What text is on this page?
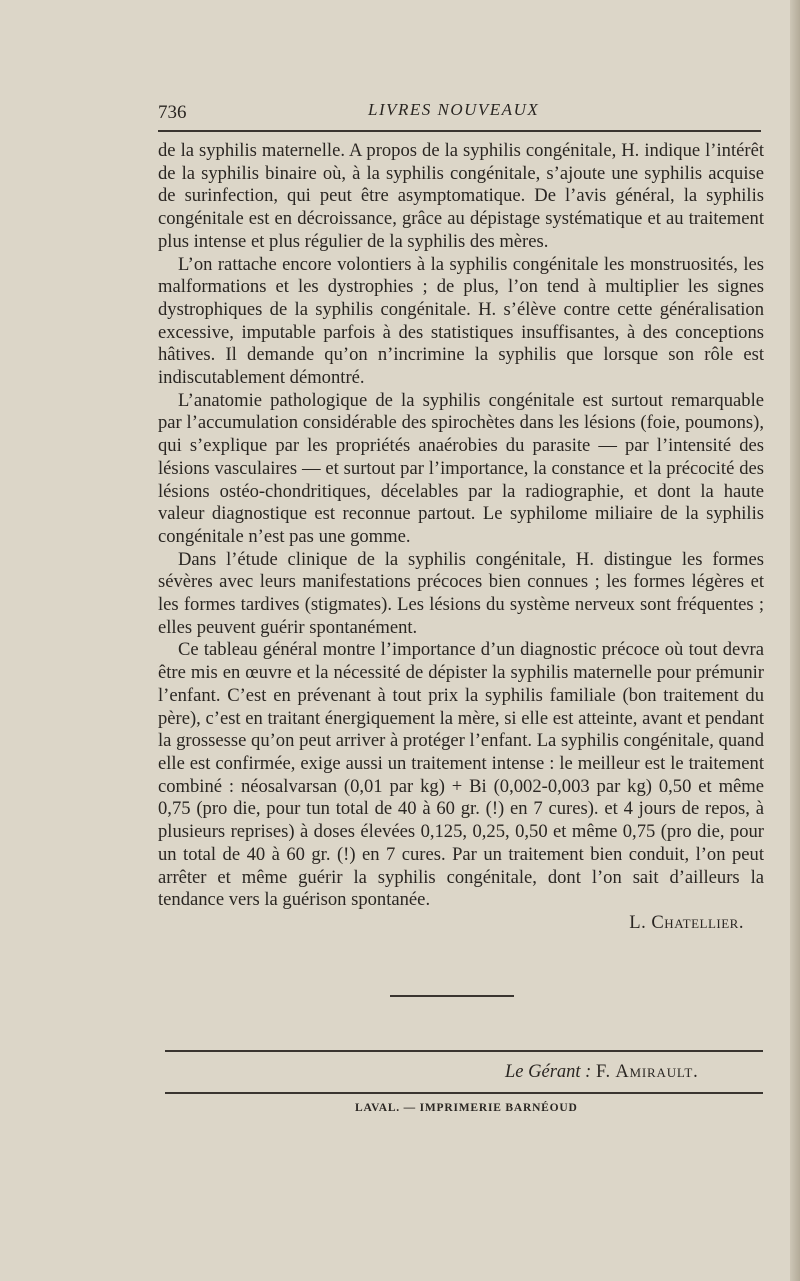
736	LIVRES NOUVEAUX

de la syphilis maternelle. A propos de la syphilis congénitale, H. indique l’intérêt de la syphilis binaire où, à la syphilis congénitale, s’ajoute une syphilis acquise de surinfection, qui peut être asymptomatique. De l’avis général, la syphilis congénitale est en décroissance, grâce au dépistage systématique et au traitement plus intense et plus régulier de la syphilis des mères.

L’on rattache encore volontiers à la syphilis congénitale les monstruosités, les malformations et les dystrophies ; de plus, l’on tend à multiplier les signes dystrophiques de la syphilis congénitale. H. s’élève contre cette généralisation excessive, imputable parfois à des statistiques insuffisantes, à des conceptions hâtives. Il demande qu’on n’incrimine la syphilis que lorsque son rôle est indiscutablement démontré.

L’anatomie pathologique de la syphilis congénitale est surtout remarquable par l’accumulation considérable des spirochètes dans les lésions (foie, poumons), qui s’explique par les propriétés anaérobies du parasite — par l’intensité des lésions vasculaires — et surtout par l’importance, la constance et la précocité des lésions ostéo-chondritiques, décelables par la radiographie, et dont la haute valeur diagnostique est reconnue partout. Le syphilome miliaire de la syphilis congénitale n’est pas une gomme.

Dans l’étude clinique de la syphilis congénitale, H. distingue les formes sévères avec leurs manifestations précoces bien connues ; les formes légères et les formes tardives (stigmates). Les lésions du système nerveux sont fréquentes ; elles peuvent guérir spontanément.

Ce tableau général montre l’importance d’un diagnostic précoce où tout devra être mis en œuvre et la nécessité de dépister la syphilis maternelle pour prémunir l’enfant. C’est en prévenant à tout prix la syphilis familiale (bon traitement du père), c’est en traitant énergiquement la mère, si elle est atteinte, avant et pendant la grossesse qu’on peut arriver à protéger l’enfant. La syphilis congénitale, quand elle est confirmée, exige aussi un traitement intense : le meilleur est le traitement combiné : néosalvarsan (0,01 par kg) + Bi (0,002-0,003 par kg) 0,50 et même 0,75 (pro die, pour tun total de 40 à 60 gr. (!) en 7 cures). et 4 jours de repos, à plusieurs reprises) à doses élevées 0,125, 0,25, 0,50 et même 0,75 (pro die, pour un total de 40 à 60 gr. (!) en 7 cures. Par un traitement bien conduit, l’on peut arrêter et même guérir la syphilis congénitale, dont l’on sait d’ailleurs la tendance vers la guérison spontanée.

L. Chatellier.
Le Gérant : F. Amirault.
LAVAL. — IMPRIMERIE BARNÉOUD
